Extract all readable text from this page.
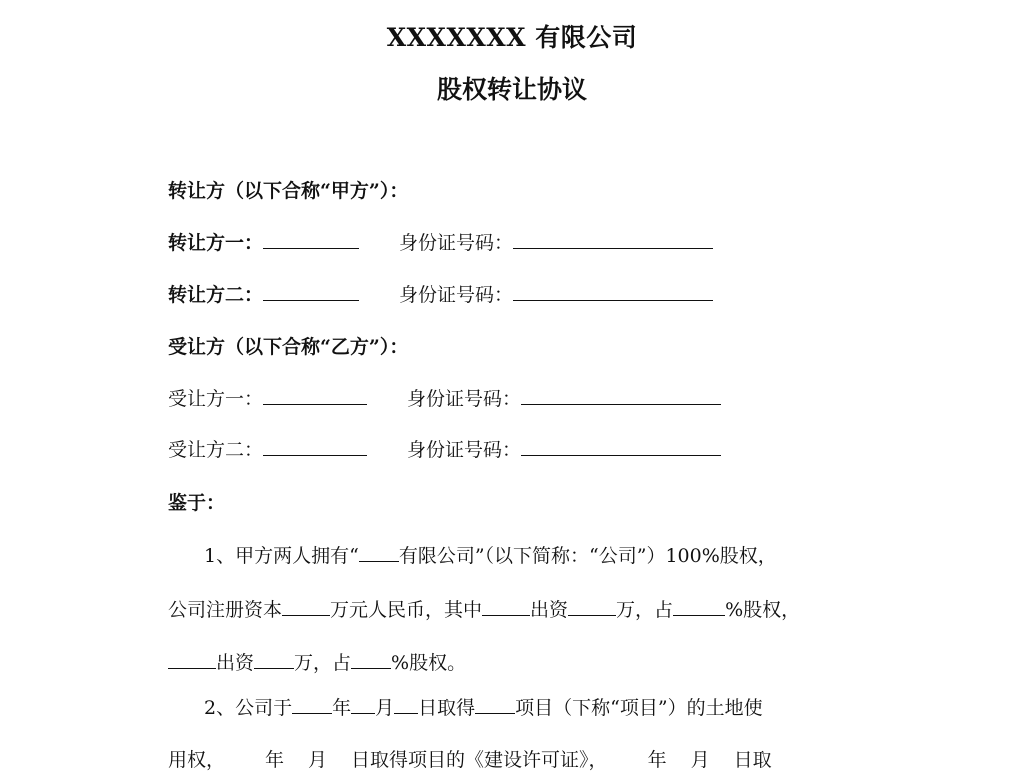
XXXXXXX 有限公司
股权转让协议
转让方（以下合称“甲方”）：
转让方一：	身份证号码：
转让方二：	身份证号码：
受让方（以下合称“乙方”）：
受让方一：	身份证号码：
受让方二：	身份证号码：
鉴于：
1、甲方两人拥有“ 有限公司”（以下简称：“公司”）100%股权，
公司注册资本	万元人民币，其中	出资	万，占	%股权，
出资 万，占 %股权。
2、公司于 年 月 日取得 项目（下称“项目”）的土地使
用权， 年 月 日取得项目的《建设许可证》， 年 月 日取
